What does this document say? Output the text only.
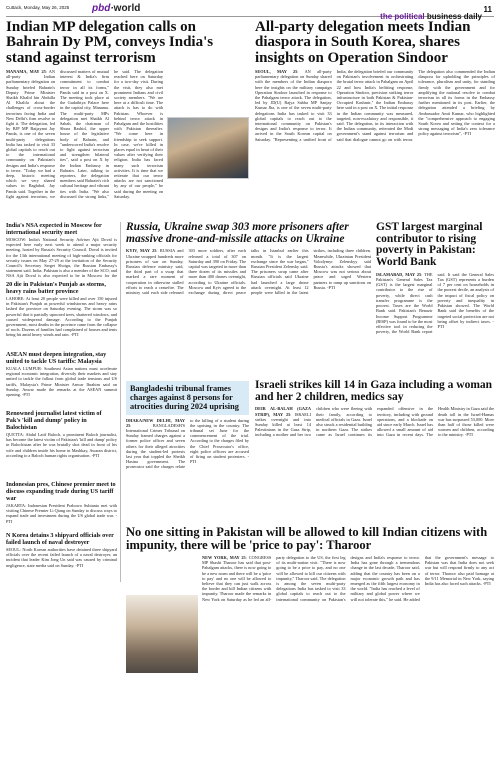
Cuttack, Monday, May 26, 2025 pbd·world
the political business daily
11
Indian MP delegation calls on Bahrain Dy PM, conveys India's stand against terrorism
MANAMA, MAY 25: AN all-party Indian parliamentary delegation on Sunday briefed Bahrain's Deputy Prime Minister Shaikh Khalid bin Abdulla Al Khalifa about the challenges of cross-border terrorism facing India and New Delhi's firm resolve to fight it. The delegation, led by BJP MP Baijayant Jay Panda, is one of the seven multi-party delegations India has tasked to visit 33 global capitals to reach out to the international community on Pakistan's designs and India's response to terror. "Today we had a deep, historic meeting which we very shared values in Baghdad, Jay Panda said. Together in the fight against terrorism, we discussed matters of mutual interest & India's firm commitment to combat terror in all its forms," Panda said in a post on X. The meeting took place at the Gudaibiya Palace here in the capital city, Manama. The multi-party MPs delegation met Shaikh Al Sabah, the chairman of Shura Rashid, the upper house of the legislative body of Bahrain, and "underscored India's resolve to fight against terrorism and strengthen bilateral ties", said a post on X by the Indian Embassy in Bahrain. Later, talking to reporters, the delegation members said Bahrain's rich cultural heritage and vibrant ties with India. "We also discussed the strong links," he said. The delegation reached here on Saturday for a two-day visit. During the visit, they also met prominent Indians and civil society members. "We are here at a difficult time. The attack is has to do with Pakistan. Whoever is behind terror attack in Pahalgam and the hostilities with Pakistan thereafter. "We come here in friendship to seek support. In case, we're killed in places equal in heart of their values after verifying their religion. India has faced many such terrorism activities. It is time that we reiterate that our terror attacks are not sanctioned by any of our people," he said during the meeting on Saturday.
All-party delegation meets Indian diaspora in South Korea, shares insights on Operation Sindoor
SEOUL, MAY 25: AN all-party parliamentary delegation on Sunday shared with the members of the Indian diaspora here the insights on the military campaign Operation Sindoor launched in response to the Pahalgam terror attack. The delegation, led by JD(U) Rajya Sabha MP Sanjay Kumar Jha, is one of the seven multi-party delegations India has tasked to visit 33 global capitals to reach out to the international community on Pakistan's designs and India's response to terror. It arrived in the South Korean capital on Saturday. "Representing a unified front of India, the delegation briefed our community on Pakistan's involvement in orchestrating the brutal terror attack in Pahalgam on April 22 and how India's befitting response, Operation Sindoor, precision striking terror infrastructure in both Pakistan & Pakistan-Occupied Kashmir," the Indian Embassy here said in a post on X. The initial response in the Indian community was measured, targeted, non-escalatory and responsible, it said. The delegation, in its interaction with the Indian community, reiterated the Modi government's stand against terrorism and said that dialogue cannot go on with terror. The delegation also commended the Indian diaspora for upholding the principles of tolerance, pluralism and unity, for standing firmly with the government and for amplifying the national resolve to combat terrorism in all its forms in the Embassy further mentioned in its post. Earlier, the delegation attended a briefing by Ambassador Amit Kumar, who highlighted the "comprehensive approach to engaging South Korea and setting the context for a strong messaging of India's zero tolerance policy against terrorism", -PTI
India's NSA expected in Moscow for international security meet
MOSCOW: India's National Security Adviser Ajit Doval is expected here early next week to attend a major security meeting, hosted by Russia's Security Council. Doval is invited for the 13th international meeting of high-ranking officials for security issues on May 27-29 at the invitation of the Security Council's Secretary Sergei Shoigu, the Russian Embassy's statement said. India, Pakistan is also a member of the SCO, and NSA Ajit Doval is also expected to be in Moscow for the
20 die in Pakistan's Punjab as storms, heavy rains batter province
LAHORE: At least 20 people were killed and over 150 injured in Pakistan's Punjab as powerful windstorms and heavy rains lashed the province on Saturday evening. The storm was so powerful that it partially uprooted trees, shattered windows, and caused widespread damage. According to the Punjab government, most deaths in the province came from the collapse of roofs. Dozens of families had complained of houses and tents being hit amid heavy winds and rain. -PTI
ASEAN must deepen integration, stay united to tackle US tariffs: Malaysia
KUALA LUMPUR: Southeast Asian nations must accelerate regional economic integration, diversify their markets and stay united to tackle the fallout from global trade tensions and US tariffs, Malaysia's Prime Minister Anwar Ibrahim said on Sunday. Anwar made the remarks at the ASEAN summit opening. -PTI
Renowned journalist latest victim of Pak's 'kill and dump' policy in Balochistan
QUETTA: Abdul Latif Baloch, a prominent Baloch journalist, has become the latest victim of Pakistan's 'kill and dump' policy in Balochistan after he was brutally shot dead in front of his wife and children inside his home in Mashkay, Awaran district, according to a Baloch human rights organisation. -PTI
Indonesian pres, Chinese premier meet to discuss expanding trade during US tariff war
JAKARTA: Indonesian President Prabowo Subianto met with visiting Chinese Premier Li Qiang on Sunday to discuss ways to expand trade and investment during the US global trade war. -PTI
N Korea detains 3 shipyard officials over failed launch of naval destroyer
SEOUL: North Korean authorities have detained three shipyard officials over the recent failed launch of a naval destroyer, an incident that leader Kim Jong Un said was caused by criminal negligence, state media said on Sunday. -PTI
Russia, Ukraine swap 303 more prisoners after massive drone-and-missile attacks on Ukraine
KYIV, MAY 25: RUSSIA and Ukraine swapped hundreds more prisoners of war on Sunday, Russian defence ministry said, the third part of a swap that marked a rare moment of cooperation in otherwise stalled efforts to reach a ceasefire. The ministry said each side released 303 more soldiers, after each released a total of 307 on Saturday and 390 on Friday. The capital was targeted in more than three dozen of its missiles and more than 400 drones overnight, according to Ukraine officials. Moscow and Kyiv agreed to the exchange during direct peace talks in Istanbul earlier this month. "It is the largest exchange since the war began," Russian President Zelensky said. The prisoners swap came after Russian officials said Ukraine had launched a large drone attack overnight. At least 12 people were killed in the latest strikes, including three children. Meanwhile, Ukrainian President Volodymyr Zelenskyy said Russia's attacks showed that Moscow was not serious about peace and urged Western partners to ramp up sanctions on Russia. -PTI
GST largest marginal contributor to rising poverty in Pakistan: World Bank
ISLAMABAD, MAY 25: THE Pakistan's General Sales Tax (GST) is the largest marginal contributor to the rise of poverty, while direct cash transfer programme is the poorest. Taxes are the World Bank said. Pakistan's Benazir Income Support Programme (BISP) was found to be the most effective tool in reducing the poverty, the World Bank report said. It said the General Sales Tax (GST) represents a burden of 7 per cent on households in the poorest decile, an analysis of the impact of fiscal policy on poverty and inequality in Pakistan showed. The World Bank said the benefits of the targeted social protection are not being offset by indirect taxes. -PTI
Bangladeshi tribunal frames charges against 8 persons for atrocities during 2024 uprising
DHAKA/NEW DELHI, MAY 25: BANGLADESH'S International Crimes Tribunal on Sunday framed charges against a former police officer and seven others for their alleged atrocities during the student-led protests last year that toppled the Sheikh Hasina government. The prosecutor said the charges relate to the killing of a student during the uprising in the country. The tribunal set June for the commencement of the trial. According to the charges filed by the Chief Prosecutor's office, eight police officers are accused of firing on student protesters. -PTI
Israeli strikes kill 14 in Gaza including a woman and her 2 children, medics say
DEIR AL-BALAH (GAZA STRIP), MAY 25: ISRAELI strikes overnight and into Sunday killed at least 14 Palestinians in the Gaza Strip, including a mother and her two children who were fleeing with their family, according to medical officials in Gaza. Israel also struck a residential building in northern Gaza. The strikes came as Israel continues its expanded offensive in the territory, including with ground operations, and a blockade on aid since early March. Israel has allowed a small amount of aid into Gaza in recent days. The Health Ministry in Gaza said the death toll in the Israel-Hamas war has surpassed 53,000. More than half of those killed were women and children, according to the ministry. -PTI
No one sitting in Pakistan will be allowed to kill Indian citizens with impunity, there will be 'price to pay': Tharoor
NEW YORK, MAY 25: CONGRESS MP Shashi Tharoor has said that post-Pahalgam attacks, there is now going to be a new norm and there will be a 'price to pay' and no one will be allowed to believe that they can just walk across the border and kill Indian citizens with impunity. Tharoor made the remarks in New York on Saturday as he led an all-party delegation to the US, the first leg of its multi-nation visit. "There is now going to be a price to pay, and no one will be allowed to kill our citizens with impunity," Tharoor said. The delegation is among the seven multi-party delegations India has tasked to visit 33 global capitals to reach out to the international community on Pakistan's designs and India's response to terror. India has gone through a tremendous change in the last decade, Tharoor said, adding that the country has been on a major economic growth path and has emerged as the fifth largest economy in the world. "India has reached a level of military and global power where we will not tolerate this," he said. He added that the government's message to Pakistan was that India does not seek war but will respond firmly to any act of terror. Tharoor also paid homage at the 9/11 Memorial in New York, saying India has also faced such attacks. -PTI
